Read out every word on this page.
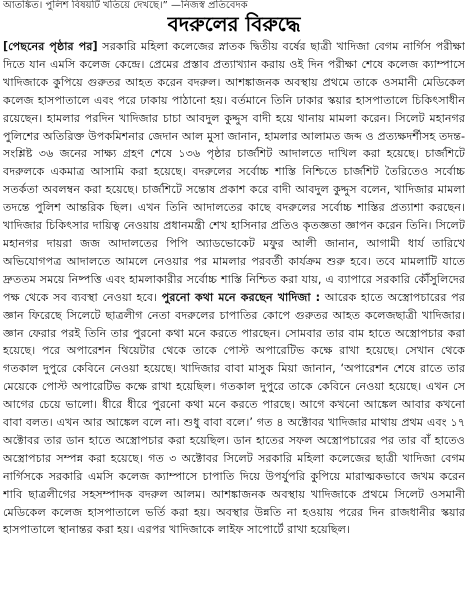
আতঙ্কিত। পুলিশ বিষয়টি খতিয়ে দেখছে।” —নিজস্ব প্রতিবেদক
বদরুলের বিরুদ্ধে

[পেছনের পৃষ্ঠার পর] সরকারি মহিলা কলেজের স্নাতক দ্বিতীয় বর্ষের ছাত্রী খাদিজা বেগম নার্গিস পরীক্ষা দিতে যান এমসি কলেজ কেন্দ্রে। প্রেমের প্রস্তাব প্রত্যাখ্যান করায় ওই দিন পরীক্ষা শেষে কলেজ ক্যাম্পাসে খাদিজাকে কুপিয়ে গুরুতর আহত করেন বদরুল। আশঙ্কাজনক অবস্থায় প্রথমে তাকে ওসমানী মেডিকেল কলেজ হাসপাতালে এবং পরে ঢাকায় পাঠানো হয়। বর্তমানে তিনি ঢাকার স্কয়ার হাসপাতালে চিকিৎসাধীন রয়েছেন। হামলার পরদিন খাদিজার চাচা আবদুল কুদ্দুস বাদী হয়ে থানায় মামলা করেন। সিলেট মহানগর পুলিশের অতিরিক্ত উপকমিশনার জেদান আল মুসা জানান, হামলার আলামত জব্দ ও প্রত্যক্ষদর্শীসহ তদন্ত-সংশ্লিষ্ট ৩৬ জনের সাক্ষ্য গ্রহণ শেষে ১৩৬ পৃষ্ঠার চার্জশিট আদালতে দাখিল করা হয়েছে। চার্জশিটে বদরুলকে একমাত্র আসামি করা হয়েছে। বদরুলের সর্বোচ্চ শাস্তি নিশ্চিতে চার্জশিট তৈরিতেও সর্বোচ্চ সতর্কতা অবলম্বন করা হয়েছে। চার্জশিটে সন্তোষ প্রকাশ করে বাদী আবদুল কুদ্দুস বলেন, খাদিজার মামলা তদন্তে পুলিশ আন্তরিক ছিল। এখন তিনি আদালতের কাছে বদরুলের সর্বোচ্চ শাস্তির প্রত্যাশা করছেন। খাদিজার চিকিৎসার দায়িত্ব নেওয়ায় প্রধানমন্ত্রী শেখ হাসিনার প্রতিও কৃতজ্ঞতা জ্ঞাপন করেন তিনি। সিলেট মহানগর দায়রা জজ আদালতের পিপি অ্যাডভোকেট মফুর আলী জানান, আগামী ধার্য তারিখে অভিযোগপত্র আদালতে আমলে নেওয়ার পর মামলার পরবর্তী কার্যক্রম শুরু হবে। তবে মামলাটি যাতে দ্রুততম সময়ে নিষ্পত্তি এবং হামলাকারীর সর্বোচ্চ শাস্তি নিশ্চিত করা যায়, এ ব্যাপারে সরকারি কৌঁসুলিদের পক্ষ থেকে সব ব্যবস্থা নেওয়া হবে। পুরনো কথা মনে করছেন খাদিজা : আরেক হাতে অস্ত্রোপচারের পর জ্ঞান ফিরেছে সিলেটে ছাত্রলীগ নেতা বদরুলের চাপাতির কোপে গুরুতর আহত কলেজছাত্রী খাদিজার। জ্ঞান ফেরার পরই তিনি তার পুরনো কথা মনে করতে পারছেন। সোমবার তার বাম হাতে অস্ত্রোপচার করা হয়েছে। পরে অপারেশন থিয়েটার থেকে তাকে পোস্ট অপারেটিভ কক্ষে রাখা হয়েছে। সেখান থেকে গতকাল দুপুরে কেবিনে নেওয়া হয়েছে। খাদিজার বাবা মাসুক মিয়া জানান, ‘অপারেশন শেষে রাতে তার মেয়েকে পোস্ট অপারেটিভ কক্ষে রাখা হয়েছিল। গতকাল দুপুরে তাকে কেবিনে নেওয়া হয়েছে। এখন সে আগের চেয়ে ভালো। ধীরে ধীরে পুরনো কথা মনে করতে পারছে। আগে কখনো আঙ্কেল আবার কখনো বাবা বলত। এখন আর আঙ্কেল বলে না। শুধু বাবা বলে।’ গত ৪ অক্টোবর খাদিজার মাথায় প্রথম এবং ১৭ অক্টোবর তার ডান হাতে অস্ত্রোপচার করা হয়েছিল। ডান হাতের সফল অস্ত্রোপচারের পর তার বাঁ হাতেও অস্ত্রোপচার সম্পন্ন করা হয়েছে। গত ৩ অক্টোবর সিলেট সরকারি মহিলা কলেজের ছাত্রী খাদিজা বেগম নার্গিসকে সরকারি এমসি কলেজ ক্যাম্পাসে চাপাতি দিয়ে উপর্যুপরি কুপিয়ে মারাত্মকভাবে জখম করেন শাবি ছাত্রলীগের সহসম্পাদক বদরুল আলম। আশঙ্কাজনক অবস্থায় খাদিজাকে প্রথমে সিলেট ওসমানী মেডিকেল কলেজ হাসপাতালে ভর্তি করা হয়। অবস্থার উন্নতি না হওয়ায় পরের দিন রাজধানীর স্কয়ার হাসপাতালে স্থানান্তর করা হয়। এরপর খাদিজাকে লাইফ সাপোর্টে রাখা হয়েছিল।
